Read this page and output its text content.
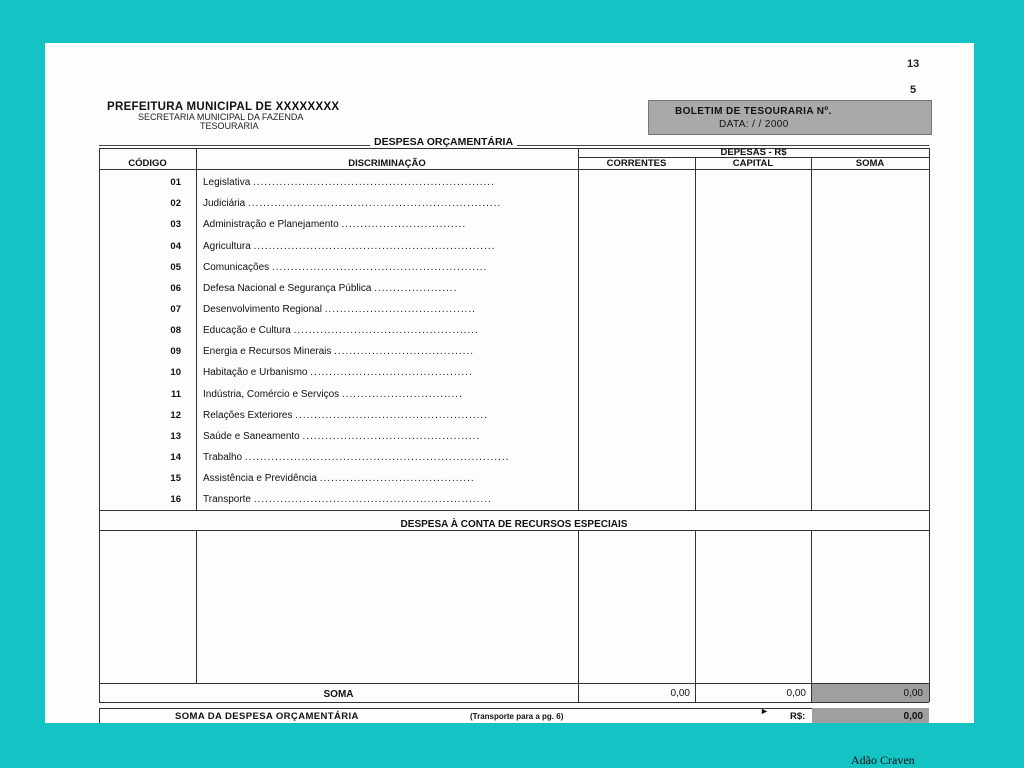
13
5
PREFEITURA MUNICIPAL DE XXXXXXXX
SECRETARIA MUNICIPAL DA FAZENDA
TESOURARIA
BOLETIM DE TESOURARIA Nº.
DATA: / / 2000
DESPESA ORÇAMENTÁRIA
DEPESAS - R$
CÓDIGO	DISCRIMINAÇÃO	CORRENTES	CAPITAL	SOMA
01 Legislativa ................................................................
02 Judiciária ...................................................................
03 Administração e Planejamento .................................
04 Agricultura ................................................................
05 Comunicações .........................................................
06 Defesa Nacional e Segurança Pública ......................
07 Desenvolvimento Regional ........................................
08 Educação e Cultura .................................................
09 Energia e Recursos Minerais .....................................
10 Habitação e Urbanismo ...........................................
11 Indústria, Comércio e Serviços ................................
12 Relações Exteriores ...................................................
13 Saúde e Saneamento ...............................................
14 Trabalho ......................................................................
15 Assistência e Previdência .........................................
16 Transporte ...............................................................
DESPESA À CONTA DE RECURSOS ESPECIAIS
SOMA	0,00	0,00	0,00
SOMA DA DESPESA ORÇAMENTÁRIA	(Transporte para a pg. 6)
► R$:	0,00
Adão Craven
